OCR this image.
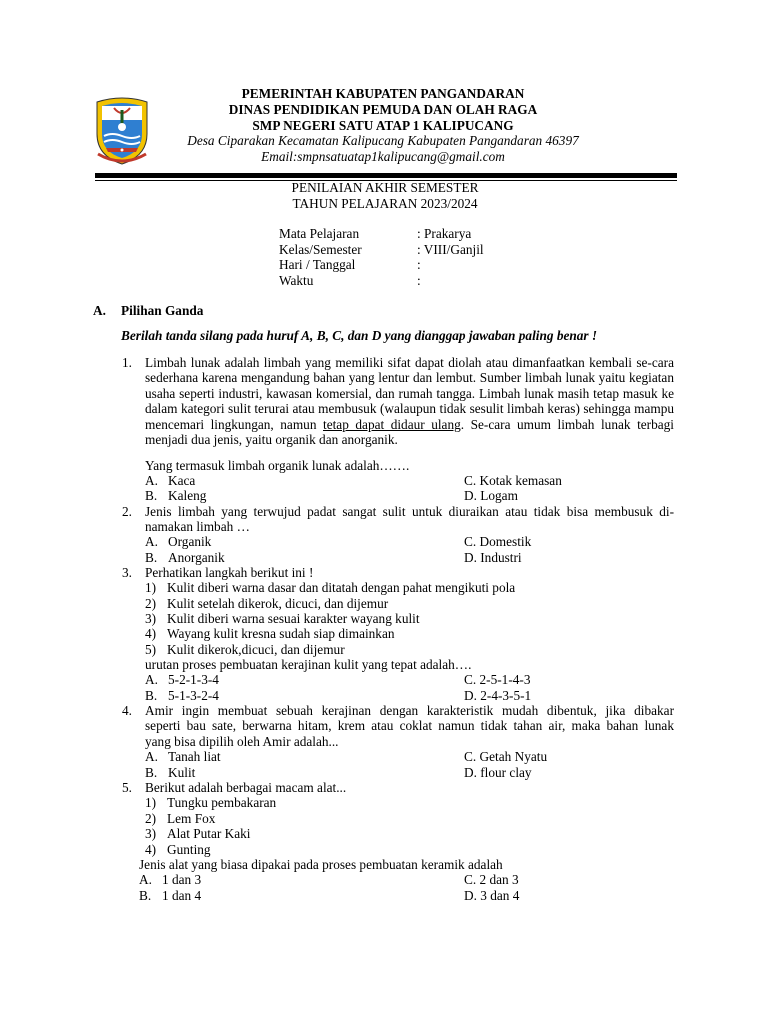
PEMERINTAH KABUPATEN PANGANDARAN
DINAS PENDIDIKAN PEMUDA DAN OLAH RAGA
SMP NEGERI SATU ATAP 1 KALIPUCANG
Desa Ciparakan Kecamatan Kalipucang Kabupaten Pangandaran 46397
Email:smpnsatuatap1kalipucang@gmail.com
PENILAIAN AKHIR SEMESTER
TAHUN PELAJARAN 2023/2024
Mata Pelajaran	: Prakarya
Kelas/Semester	: VIII/Ganjil
Hari / Tanggal	:
Waktu	:
A. Pilihan Ganda
Berilah tanda silang pada huruf A, B, C, dan D yang dianggap jawaban paling benar !
1. Limbah lunak adalah limbah yang memiliki sifat dapat diolah atau dimanfaatkan kembali se-cara sederhana karena mengandung bahan yang lentur dan lembut. Sumber limbah lunak yaitu kegiatan usaha seperti industri, kawasan komersial, dan rumah tangga. Limbah lunak masih tetap masuk ke dalam kategori sulit terurai atau membusuk (walaupun tidak sesulit limbah keras) sehingga mampu mencemari lingkungan, namun tetap dapat didaur ulang. Se-cara umum limbah lunak terbagi menjadi dua jenis, yaitu organik dan anorganik.
Yang termasuk limbah organik lunak adalah…….
A. Kaca
B. Kaleng
C. Kotak kemasan
D. Logam
2. Jenis limbah yang terwujud padat sangat sulit untuk diuraikan atau tidak bisa membusuk di-
namakan limbah …
A. Organik
B. Anorganik
C. Domestik
D. Industri
3. Perhatikan langkah berikut ini !
1) Kulit diberi warna dasar dan ditatah dengan pahat mengikuti pola
2) Kulit setelah dikerok, dicuci, dan dijemur
3) Kulit diberi warna sesuai karakter wayang kulit
4) Wayang kulit kresna sudah siap dimainkan
5) Kulit dikerok,dicuci, dan dijemur
urutan proses pembuatan kerajinan kulit yang tepat adalah….
A. 5-2-1-3-4
B. 5-1-3-2-4
C. 2-5-1-4-3
D. 2-4-3-5-1
4. Amir ingin membuat sebuah kerajinan dengan karakteristik mudah dibentuk, jika dibakar
seperti bau sate, berwarna hitam, krem atau coklat namun tidak tahan air, maka bahan lunak
yang bisa dipilih oleh Amir adalah...
A. Tanah liat
B. Kulit
C. Getah Nyatu
D. flour clay
5. Berikut adalah berbagai macam alat...
1) Tungku pembakaran
2) Lem Fox
3) Alat Putar Kaki
4) Gunting
Jenis alat yang biasa dipakai pada proses pembuatan keramik adalah
A. 1 dan 3
B. 1 dan 4
C. 2 dan 3
D. 3 dan 4
